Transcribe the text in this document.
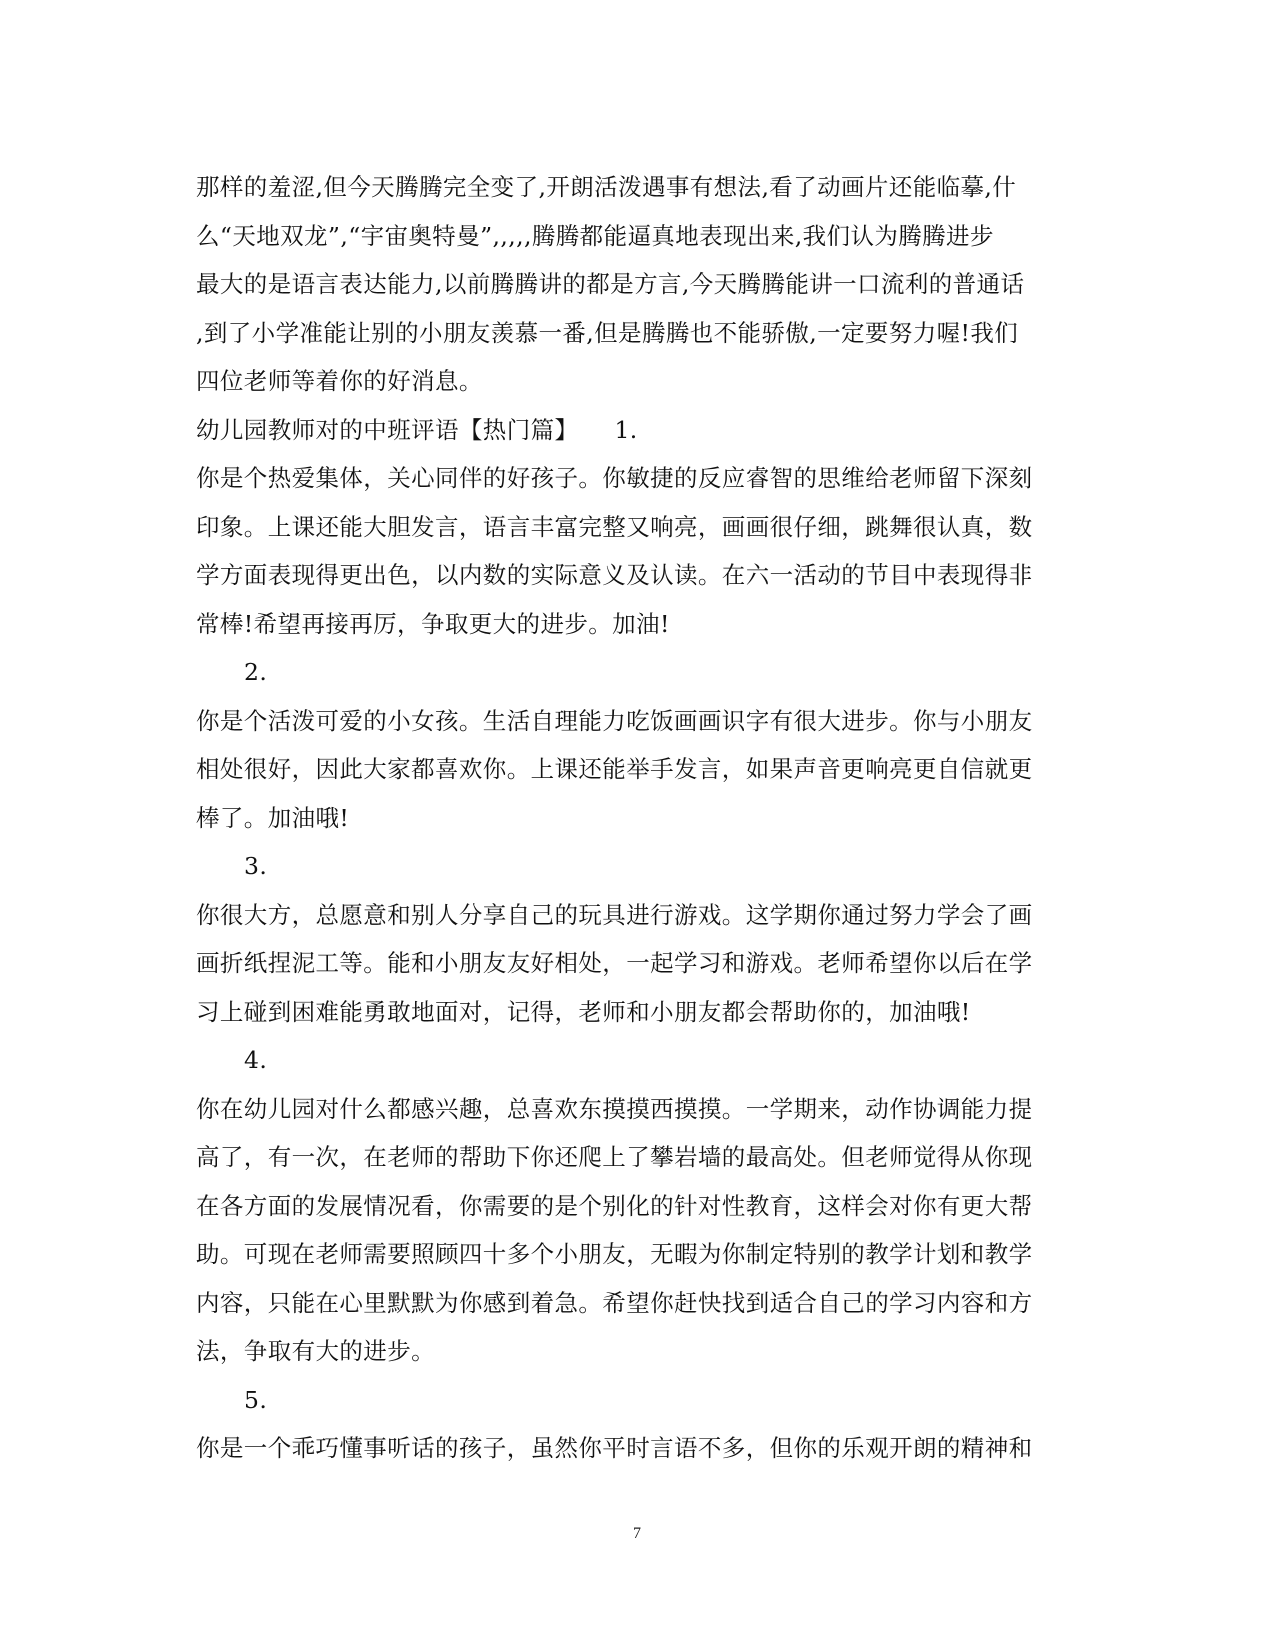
那样的羞涩,但今天腾腾完全变了,开朗活泼遇事有想法,看了动画片还能临摹,什
么“天地双龙”,“宇宙奥特曼”,,,,,腾腾都能逼真地表现出来,我们认为腾腾进步
最大的是语言表达能力,以前腾腾讲的都是方言,今天腾腾能讲一口流利的普通话
,到了小学准能让别的小朋友羡慕一番,但是腾腾也不能骄傲,一定要努力喔!我们
四位老师等着你的好消息。
幼儿园教师对的中班评语【热门篇】　　1.
你是个热爱集体，关心同伴的好孩子。你敏捷的反应睿智的思维给老师留下深刻
印象。上课还能大胆发言，语言丰富完整又响亮，画画很仔细，跳舞很认真，数
学方面表现得更出色，以内数的实际意义及认读。在六一活动的节目中表现得非
常棒!希望再接再厉，争取更大的进步。加油!
2.
你是个活泼可爱的小女孩。生活自理能力吃饭画画识字有很大进步。你与小朋友
相处很好，因此大家都喜欢你。上课还能举手发言，如果声音更响亮更自信就更
棒了。加油哦!
3.
你很大方，总愿意和别人分享自己的玩具进行游戏。这学期你通过努力学会了画
画折纸捏泥工等。能和小朋友友好相处，一起学习和游戏。老师希望你以后在学
习上碰到困难能勇敢地面对，记得，老师和小朋友都会帮助你的，加油哦!
4.
你在幼儿园对什么都感兴趣，总喜欢东摸摸西摸摸。一学期来，动作协调能力提
高了，有一次，在老师的帮助下你还爬上了攀岩墙的最高处。但老师觉得从你现
在各方面的发展情况看，你需要的是个别化的针对性教育，这样会对你有更大帮
助。可现在老师需要照顾四十多个小朋友，无暇为你制定特别的教学计划和教学
内容，只能在心里默默为你感到着急。希望你赶快找到适合自己的学习内容和方
法，争取有大的进步。
5.
你是一个乖巧懂事听话的孩子，虽然你平时言语不多，但你的乐观开朗的精神和
7
